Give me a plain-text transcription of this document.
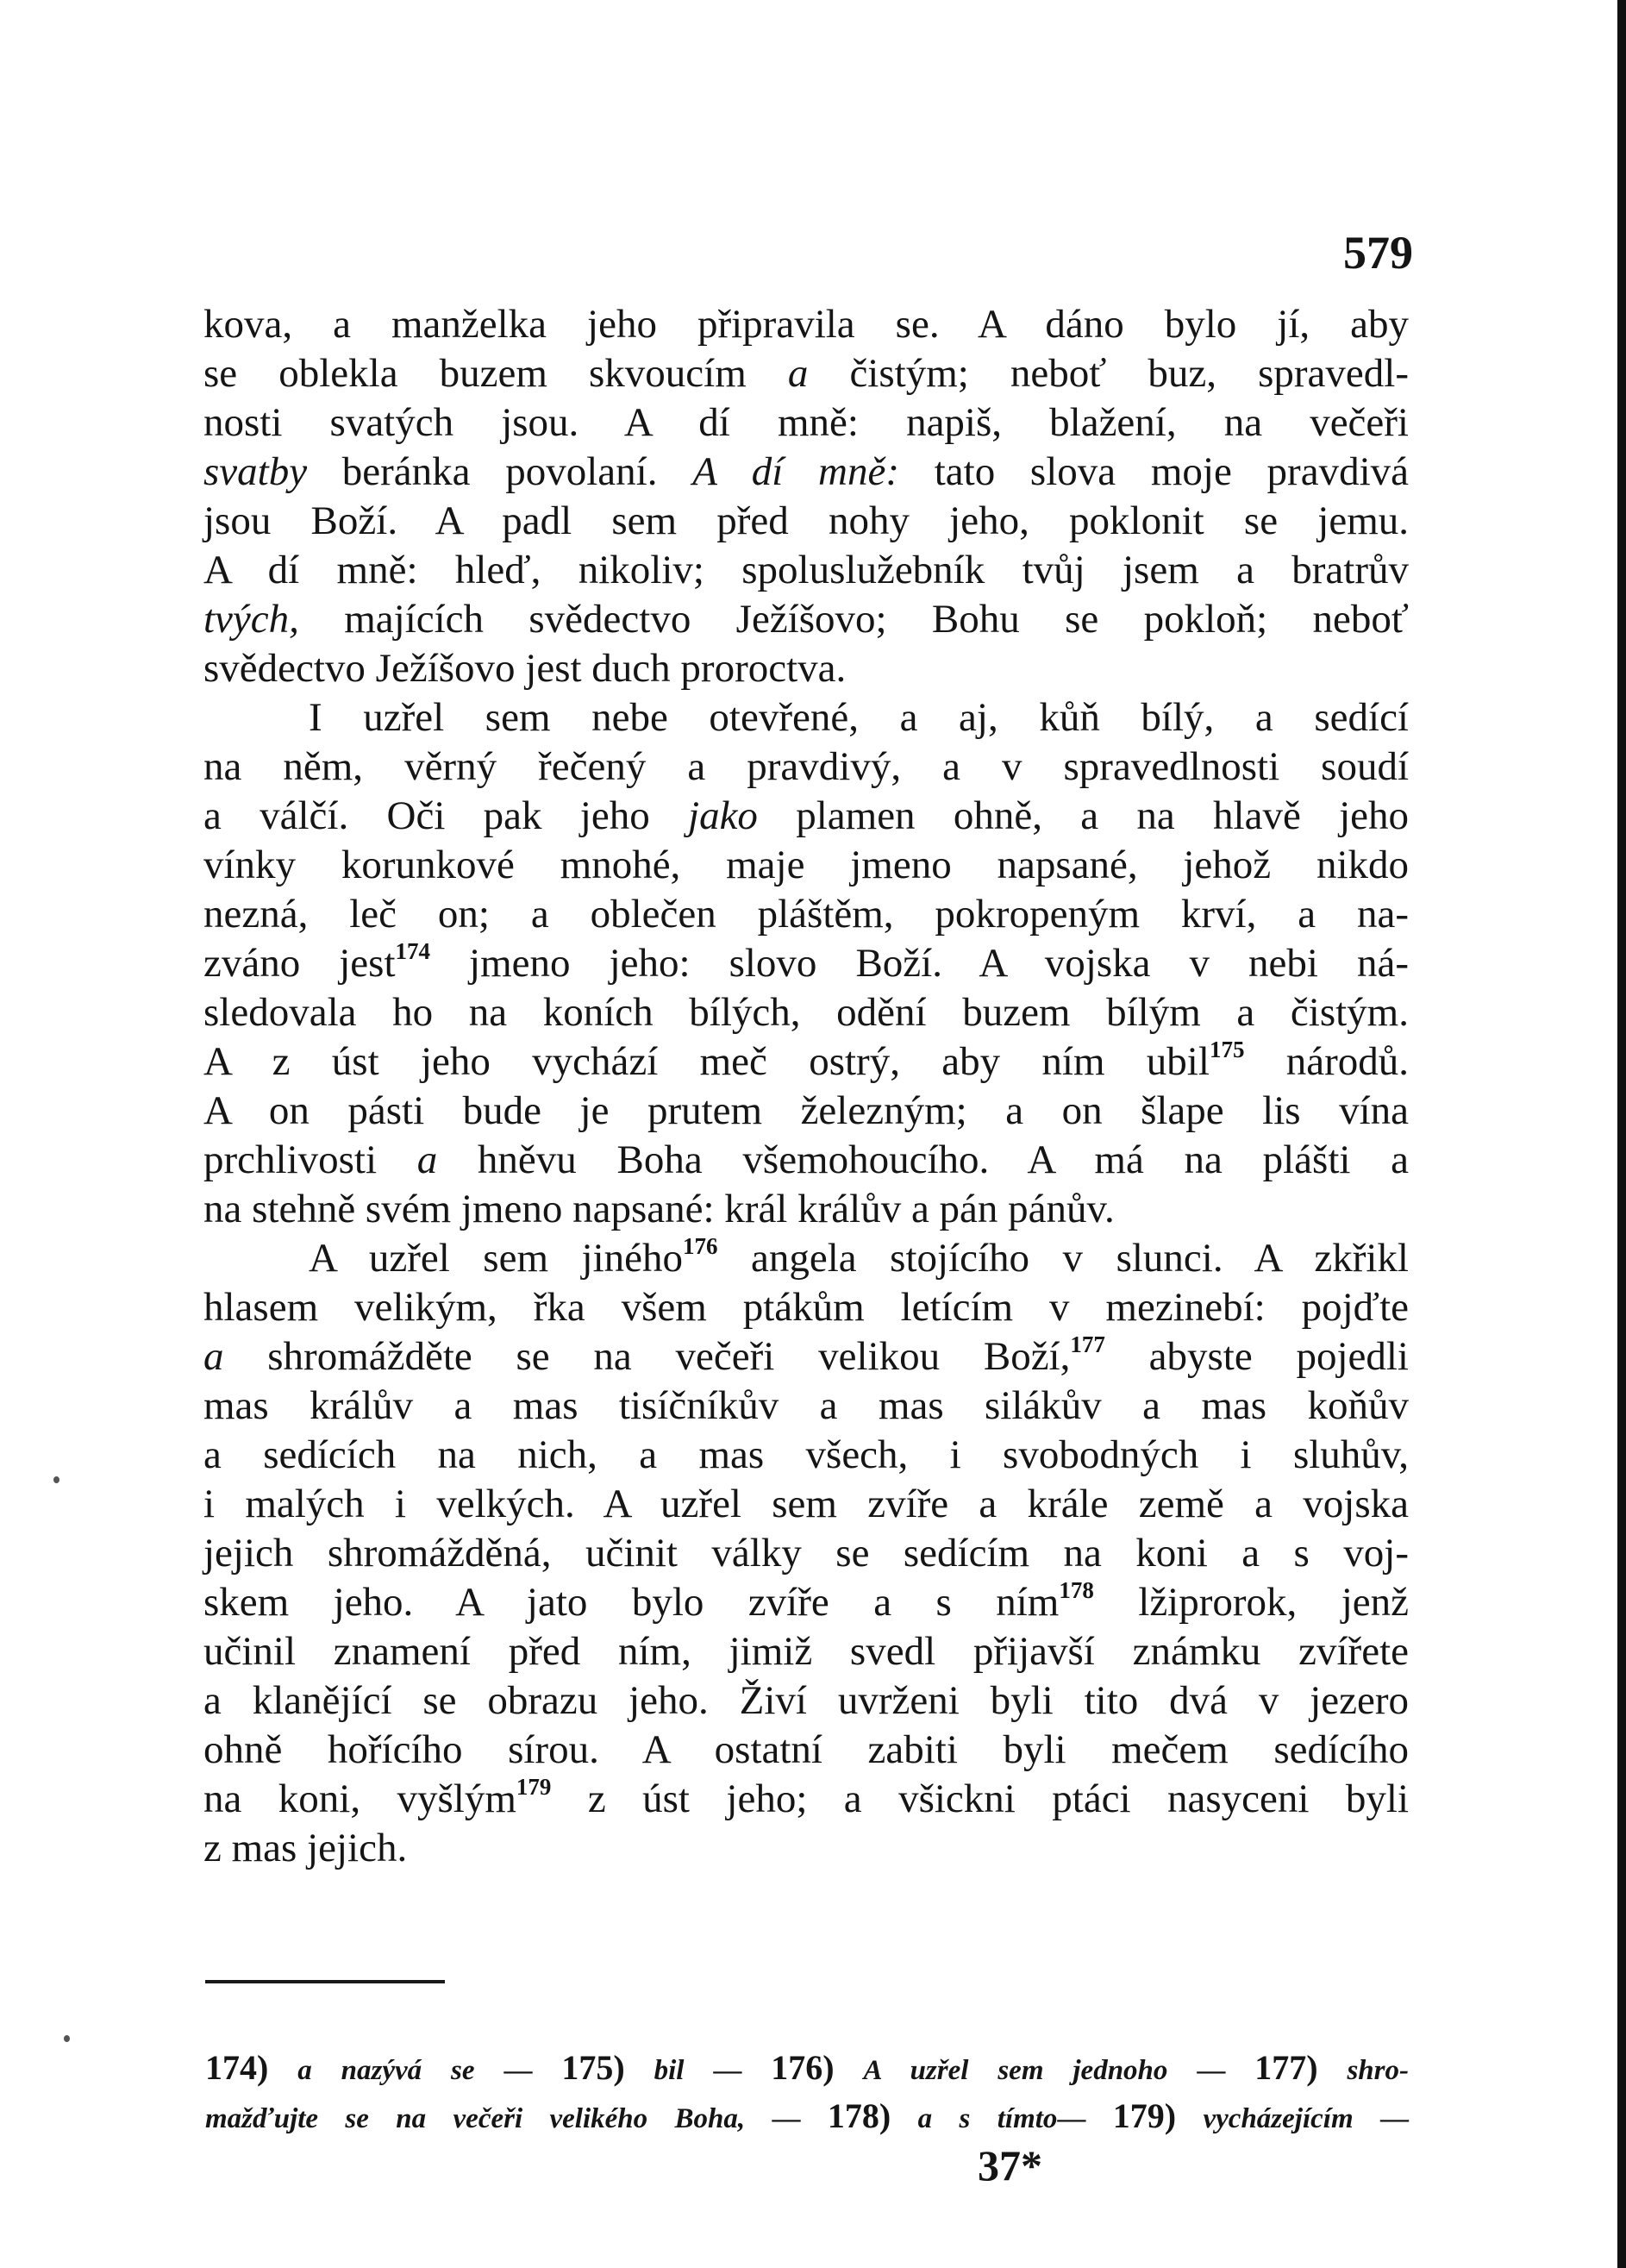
579
kova, a manželka jeho připravila se. A dáno bylo jí, aby
se oblekla buzem skvoucím a čistým; neboť buz, spravedl-
nosti svatých jsou. A dí mně: napiš, blažení, na večeři
svatby beránka povolaní. A dí mně: tato slova moje pravdivá
jsou Boží. A padl sem před nohy jeho, poklonit se jemu.
A dí mně: hleď, nikoliv; spoluslužebník tvůj jsem a bratrův
tvých, majících svědectvo Ježíšovo; Bohu se pokloň; neboť
svědectvo Ježíšovo jest duch proroctva.
I uzřel sem nebe otevřené, a aj, kůň bílý, a sedící
na něm, věrný řečený a pravdivý, a v spravedlnosti soudí
a válčí. Oči pak jeho jako plamen ohně, a na hlavě jeho
vínky korunkové mnohé, maje jmeno napsané, jehož nikdo
nezná, leč on; a oblečen pláštěm, pokropeným krví, a na-
zváno jest$^{174}$ jmeno jeho: slovo Boží. A vojska v nebi ná-
sledovala ho na koních bílých, odění buzem bílým a čistým.
A z úst jeho vychází meč ostrý, aby ním ubil$^{175}$ národů.
A on pásti bude je prutem železným; a on šlape lis vína
prchlivosti a hněvu Boha všemohoucího. A má na plášti a
na stehně svém jmeno napsané: král králův a pán pánův.
A uzřel sem jiného$^{176}$ angela stojícího v slunci. A zkřikl
hlasem velikým, řka všem ptákům letícím v mezinebí: pojďte
a shromážděte se na večeři velikou Boží,$^{177}$ abyste pojedli
mas králův a mas tisíčníkův a mas silákův a mas koňův
a sedících na nich, a mas všech, i svobodných i sluhův,
i malých i velkých. A uzřel sem zvíře a krále země a vojska
jejich shromážděná, učinit války se sedícím na koni a s voj-
skem jeho. A jato bylo zvíře a s ním$^{178}$ lžiprorok, jenž
učinil znamení před ním, jimiž svedl přijavší známku zvířete
a klanějící se obrazu jeho. Živí uvrženi byli tito dvá v jezero
ohně hořícího sírou. A ostatní zabiti byli mečem sedícího
na koni, vyšlým$^{179}$ z úst jeho; a všickni ptáci nasyceni byli
z mas jejich.
174) a nazývá se — 175) bil — 176) A uzřel sem jednoho — 177) shro-
mažďujte se na večeři velikého Boha, — 178) a s tímto— 179) vycházejícím —
37*
